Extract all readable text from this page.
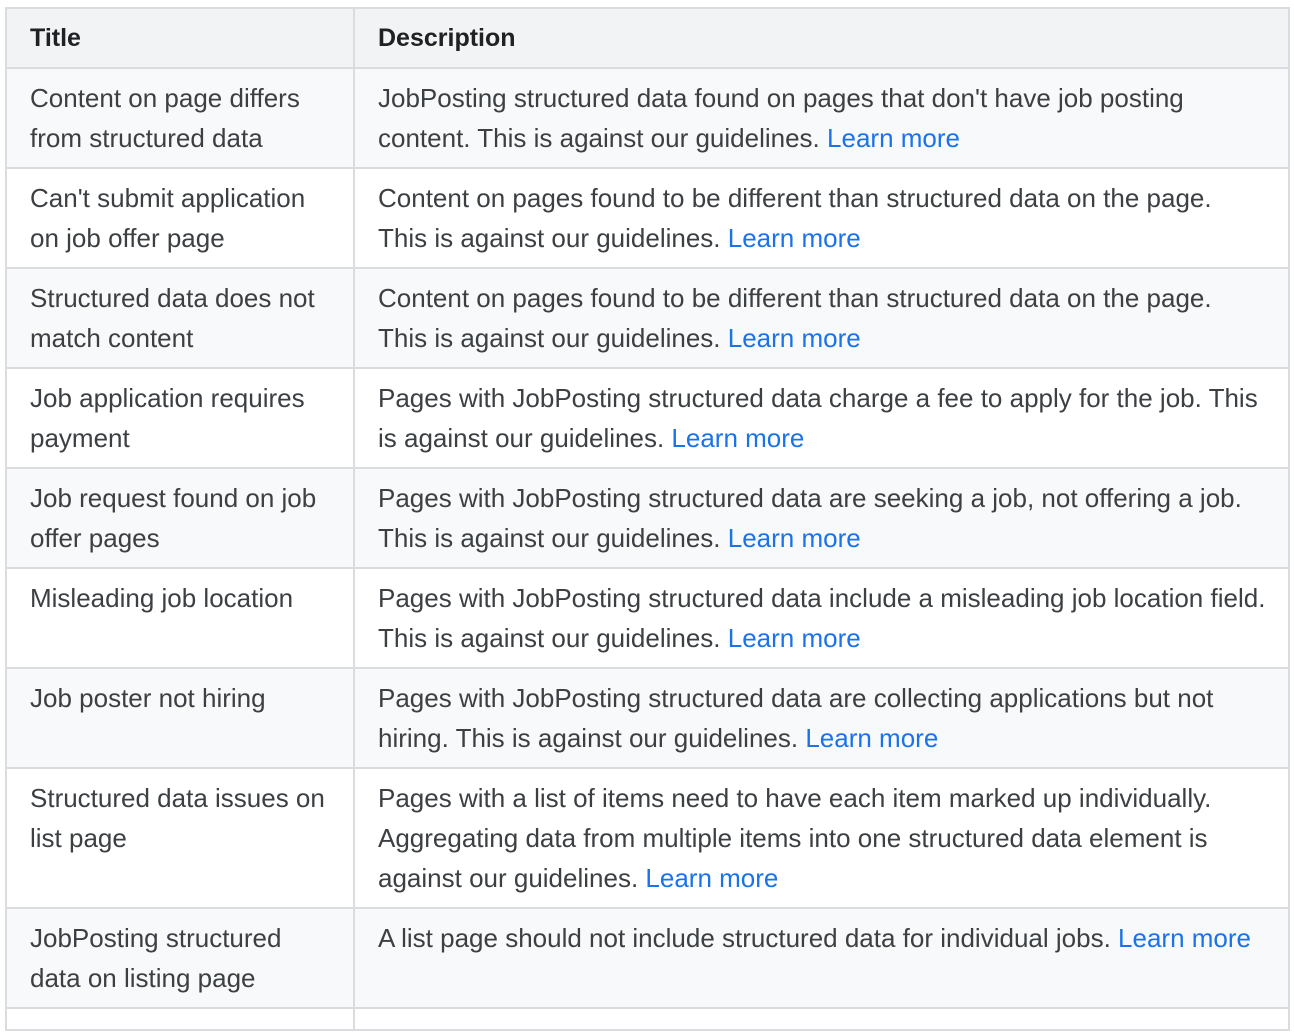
Title	Description
Content on page differs from structured data	JobPosting structured data found on pages that don't have job posting content. This is against our guidelines. Learn more
Can't submit application on job offer page	Content on pages found to be different than structured data on the page. This is against our guidelines. Learn more
Structured data does not match content	Content on pages found to be different than structured data on the page. This is against our guidelines. Learn more
Job application requires payment	Pages with JobPosting structured data charge a fee to apply for the job. This is against our guidelines. Learn more
Job request found on job offer pages	Pages with JobPosting structured data are seeking a job, not offering a job. This is against our guidelines. Learn more
Misleading job location	Pages with JobPosting structured data include a misleading job location field. This is against our guidelines. Learn more
Job poster not hiring	Pages with JobPosting structured data are collecting applications but not hiring. This is against our guidelines. Learn more
Structured data issues on list page	Pages with a list of items need to have each item marked up individually. Aggregating data from multiple items into one structured data element is against our guidelines. Learn more
JobPosting structured data on listing page	A list page should not include structured data for individual jobs. Learn more
